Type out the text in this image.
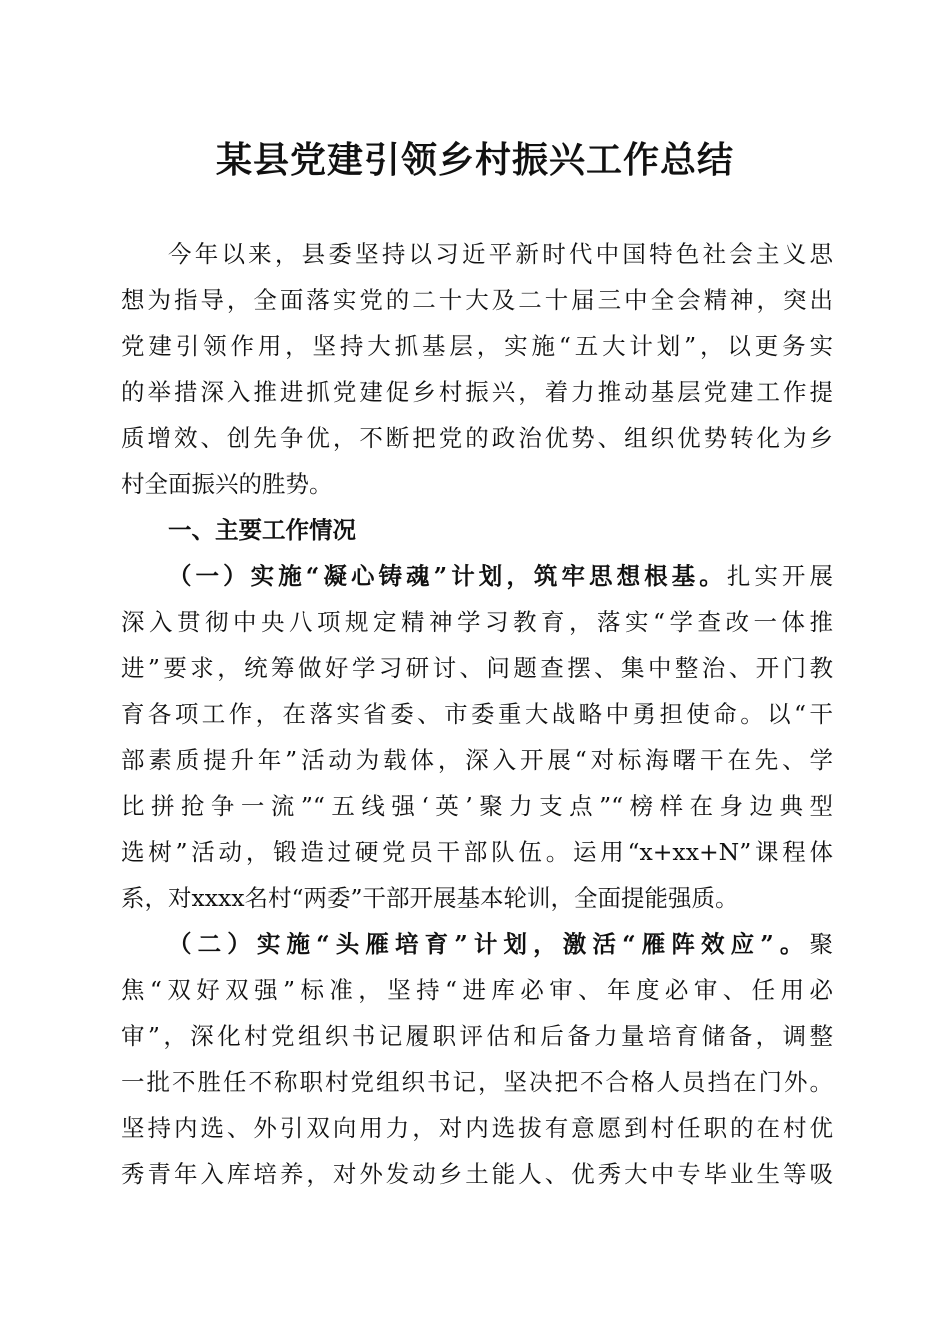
某县党建引领乡村振兴工作总结
今年以来，县委坚持以习近平新时代中国特色社会主义思
想为指导，全面落实党的二十大及二十届三中全会精神，突出
党建引领作用，坚持大抓基层，实施“五大计划”，以更务实
的举措深入推进抓党建促乡村振兴，着力推动基层党建工作提
质增效、创先争优，不断把党的政治优势、组织优势转化为乡
村全面振兴的胜势。
一、主要工作情况
（一）实施“凝心铸魂”计划，筑牢思想根基。扎实开展
深入贯彻中央八项规定精神学习教育，落实“学查改一体推
进”要求，统筹做好学习研讨、问题查摆、集中整治、开门教
育各项工作，在落实省委、市委重大战略中勇担使命。以“干
部素质提升年”活动为载体，深入开展“对标海曙干在先、学
比拼抢争一流”“五线强‘英’聚力支点”“榜样在身边典型
选树”活动，锻造过硬党员干部队伍。运用“x+xx+N”课程体
系，对xxxx名村“两委”干部开展基本轮训，全面提能强质。
（二）实施“头雁培育”计划，激活“雁阵效应”。聚
焦“双好双强”标准，坚持“进库必审、年度必审、任用必
审”，深化村党组织书记履职评估和后备力量培育储备，调整
一批不胜任不称职村党组织书记，坚决把不合格人员挡在门外。
坚持内选、外引双向用力，对内选拔有意愿到村任职的在村优
秀青年入库培养，对外发动乡土能人、优秀大中专毕业生等吸
